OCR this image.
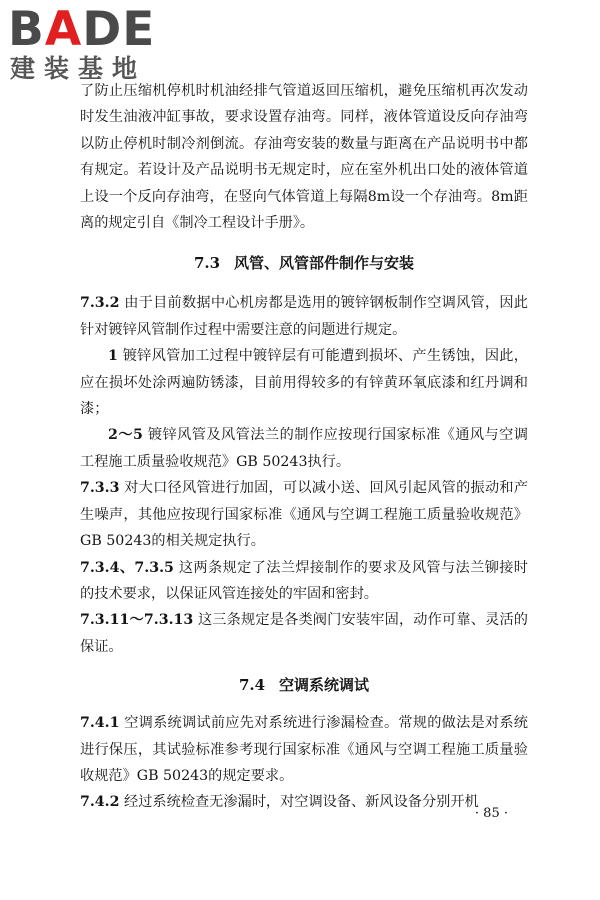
BADE
建装基地

了防止压缩机停机时机油经排气管道返回压缩机，避免压缩机再次发动时发生油液冲缸事故，要求设置存油弯。同样，液体管道设反向存油弯以防止停机时制冷剂倒流。存油弯安装的数量与距离在产品说明书中都有规定。若设计及产品说明书无规定时，应在室外机出口处的液体管道上设一个反向存油弯，在竖向气体管道上每隔8m设一个存油弯。8m距离的规定引自《制冷工程设计手册》。

7.3 风管、风管部件制作与安装

7.3.2 由于目前数据中心机房都是选用的镀锌钢板制作空调风管，因此针对镀锌风管制作过程中需要注意的问题进行规定。

1 镀锌风管加工过程中镀锌层有可能遭到损坏、产生锈蚀，因此，应在损坏处涂两遍防锈漆，目前用得较多的有锌黄环氧底漆和红丹调和漆；

2～5 镀锌风管及风管法兰的制作应按现行国家标准《通风与空调工程施工质量验收规范》GB 50243执行。

7.3.3 对大口径风管进行加固，可以减小送、回风引起风管的振动和产生噪声，其他应按现行国家标准《通风与空调工程施工质量验收规范》GB 50243的相关规定执行。

7.3.4、7.3.5 这两条规定了法兰焊接制作的要求及风管与法兰铆接时的技术要求，以保证风管连接处的牢固和密封。

7.3.11～7.3.13 这三条规定是各类阀门安装牢固，动作可靠、灵活的保证。

7.4 空调系统调试

7.4.1 空调系统调试前应先对系统进行渗漏检查。常规的做法是对系统进行保压，其试验标准参考现行国家标准《通风与空调工程施工质量验收规范》GB 50243的规定要求。

7.4.2 经过系统检查无渗漏时，对空调设备、新风设备分别开机

· 85 ·
